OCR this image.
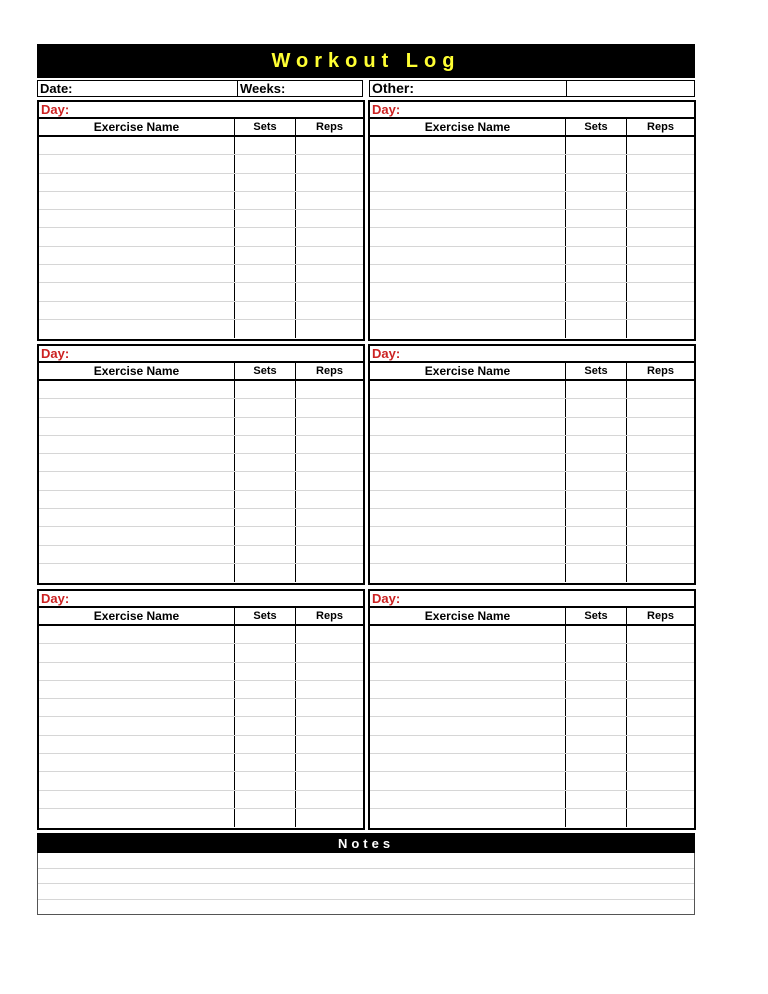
Workout Log
Date:	Weeks:	Other:
Day:
Exercise Name	Sets	Reps
Day:
Exercise Name	Sets	Reps
Day:
Exercise Name	Sets	Reps
Day:
Exercise Name	Sets	Reps
Day:
Exercise Name	Sets	Reps
Day:
Exercise Name	Sets	Reps
Notes
